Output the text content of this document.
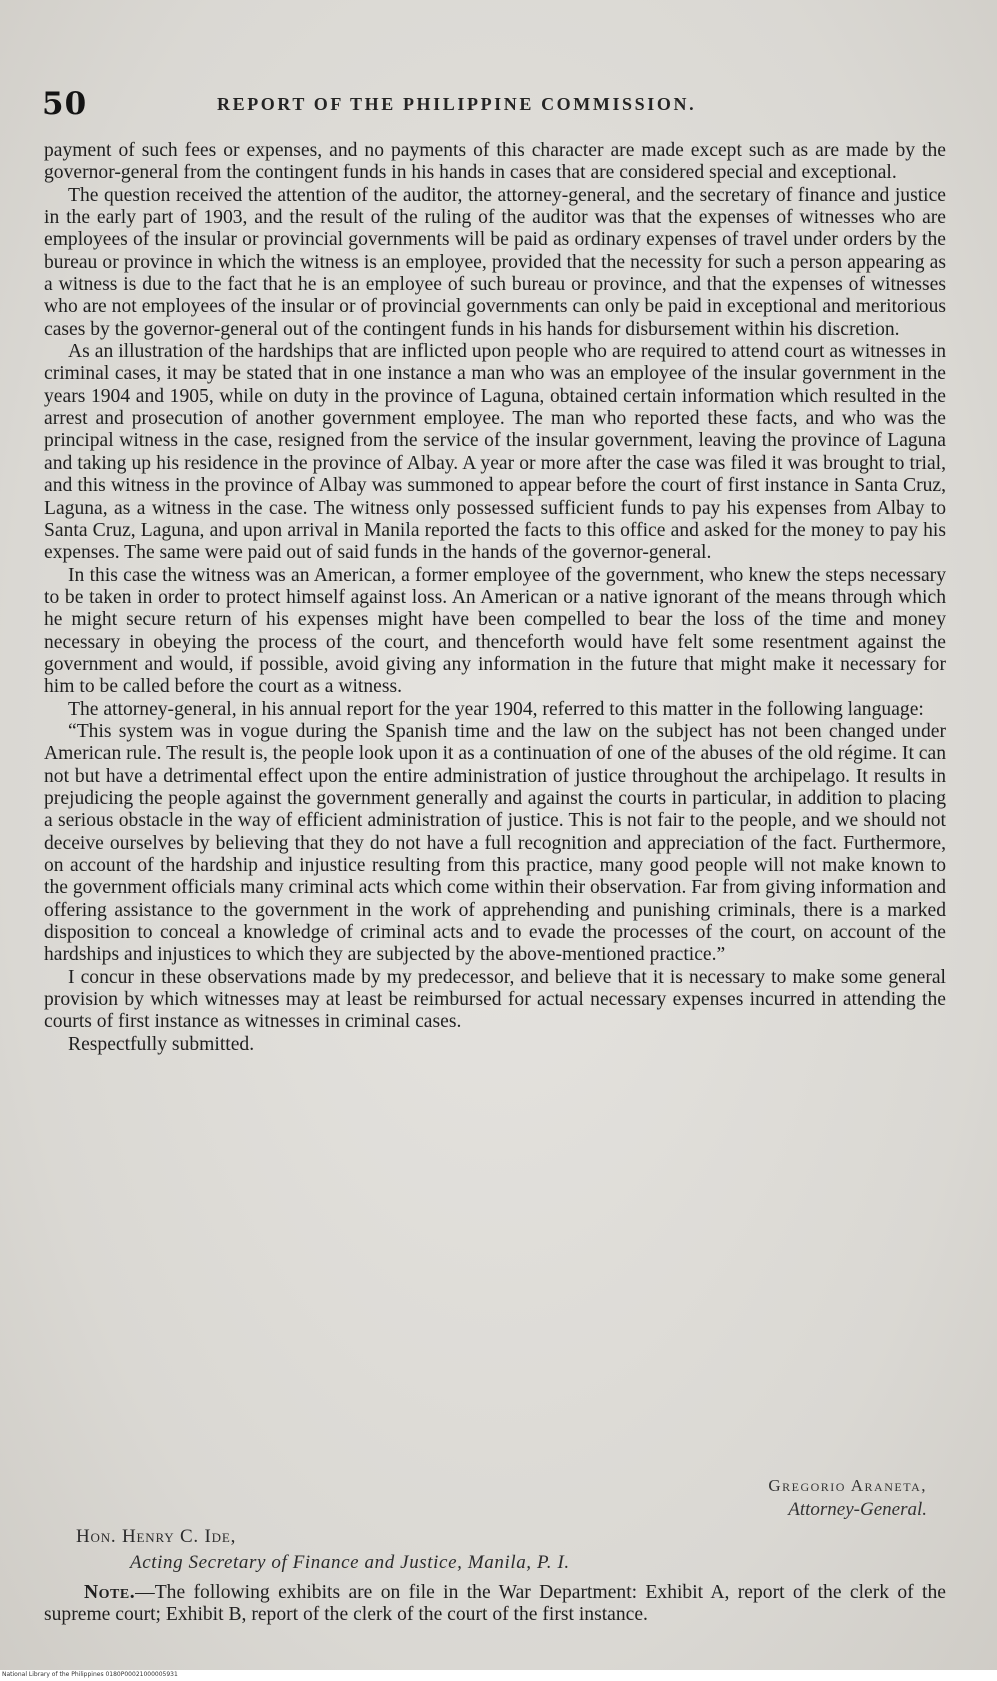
50	REPORT OF THE PHILIPPINE COMMISSION.

payment of such fees or expenses, and no payments of this character are made except such as are made by the governor-general from the contingent funds in his hands in cases that are considered special and exceptional.

The question received the attention of the auditor, the attorney-general, and the secretary of finance and justice in the early part of 1903, and the result of the ruling of the auditor was that the expenses of witnesses who are employees of the insular or provincial governments will be paid as ordinary expenses of travel under orders by the bureau or province in which the witness is an employee, provided that the necessity for such a person appearing as a witness is due to the fact that he is an employee of such bureau or province, and that the expenses of witnesses who are not employees of the insular or of provincial governments can only be paid in exceptional and meritorious cases by the governor-general out of the contingent funds in his hands for disbursement within his discretion.

As an illustration of the hardships that are inflicted upon people who are required to attend court as witnesses in criminal cases, it may be stated that in one instance a man who was an employee of the insular government in the years 1904 and 1905, while on duty in the province of Laguna, obtained certain information which resulted in the arrest and prosecution of another government employee. The man who reported these facts, and who was the principal witness in the case, resigned from the service of the insular government, leaving the province of Laguna and taking up his residence in the province of Albay. A year or more after the case was filed it was brought to trial, and this witness in the province of Albay was summoned to appear before the court of first instance in Santa Cruz, Laguna, as a witness in the case. The witness only possessed sufficient funds to pay his expenses from Albay to Santa Cruz, Laguna, and upon arrival in Manila reported the facts to this office and asked for the money to pay his expenses. The same were paid out of said funds in the hands of the governor-general.

In this case the witness was an American, a former employee of the government, who knew the steps necessary to be taken in order to protect himself against loss. An American or a native ignorant of the means through which he might secure return of his expenses might have been compelled to bear the loss of the time and money necessary in obeying the process of the court, and thenceforth would have felt some resentment against the government and would, if possible, avoid giving any information in the future that might make it necessary for him to be called before the court as a witness.

The attorney-general, in his annual report for the year 1904, referred to this matter in the following language:

“This system was in vogue during the Spanish time and the law on the subject has not been changed under American rule. The result is, the people look upon it as a continuation of one of the abuses of the old régime. It can not but have a detrimental effect upon the entire administration of justice throughout the archipelago. It results in prejudicing the people against the government generally and against the courts in particular, in addition to placing a serious obstacle in the way of efficient administration of justice. This is not fair to the people, and we should not deceive ourselves by believing that they do not have a full recognition and appreciation of the fact. Furthermore, on account of the hardship and injustice resulting from this practice, many good people will not make known to the government officials many criminal acts which come within their observation. Far from giving information and offering assistance to the government in the work of apprehending and punishing criminals, there is a marked disposition to conceal a knowledge of criminal acts and to evade the processes of the court, on account of the hardships and injustices to which they are subjected by the above-mentioned practice.”

I concur in these observations made by my predecessor, and believe that it is necessary to make some general provision by which witnesses may at least be reimbursed for actual necessary expenses incurred in attending the courts of first instance as witnesses in criminal cases.

Respectfully submitted.

Gregorio Araneta,
Attorney-General.
Hon. Henry C. Ide,
Acting Secretary of Finance and Justice, Manila, P. I.
Note.—The following exhibits are on file in the War Department: Exhibit A, report of the clerk of the supreme court; Exhibit B, report of the clerk of the court of the first instance.
National Library of the Philippines 0180P000210000059​31
